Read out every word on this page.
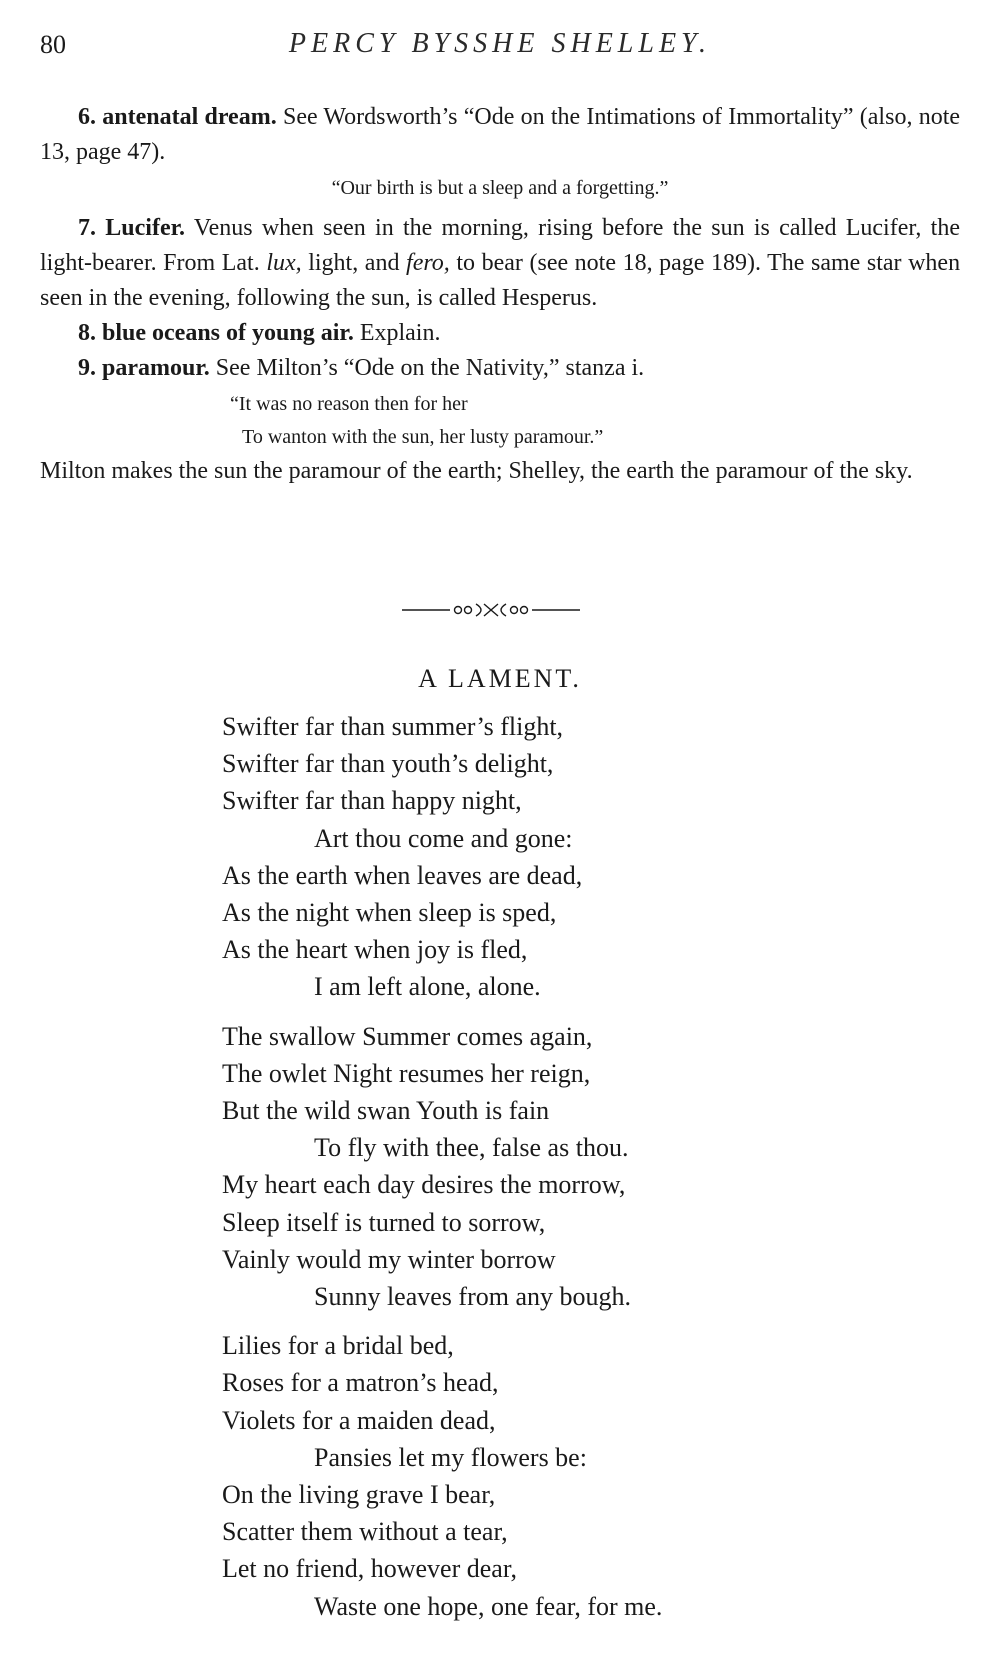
80	PERCY BYSSHE SHELLEY.
6. antenatal dream. See Wordsworth’s “Ode on the Intimations of Immortality” (also, note 13, page 47).
“Our birth is but a sleep and a forgetting.”
7. Lucifer. Venus when seen in the morning, rising before the sun is called Lucifer, the light-bearer. From Lat. lux, light, and fero, to bear (see note 18, page 189). The same star when seen in the evening, following the sun, is called Hesperus.
8. blue oceans of young air. Explain.
9. paramour. See Milton’s “Ode on the Nativity,” stanza i.
“It was no reason then for her
To wanton with the sun, her lusty paramour.”
Milton makes the sun the paramour of the earth; Shelley, the earth the paramour of the sky.
A LAMENT.
Swifter far than summer’s flight,
Swifter far than youth’s delight,
Swifter far than happy night,
Art thou come and gone:
As the earth when leaves are dead,
As the night when sleep is sped,
As the heart when joy is fled,
I am left alone, alone.
The swallow Summer comes again,
The owlet Night resumes her reign,
But the wild swan Youth is fain
To fly with thee, false as thou.
My heart each day desires the morrow,
Sleep itself is turned to sorrow,
Vainly would my winter borrow
Sunny leaves from any bough.
Lilies for a bridal bed,
Roses for a matron’s head,
Violets for a maiden dead,
Pansies let my flowers be:
On the living grave I bear,
Scatter them without a tear,
Let no friend, however dear,
Waste one hope, one fear, for me.
